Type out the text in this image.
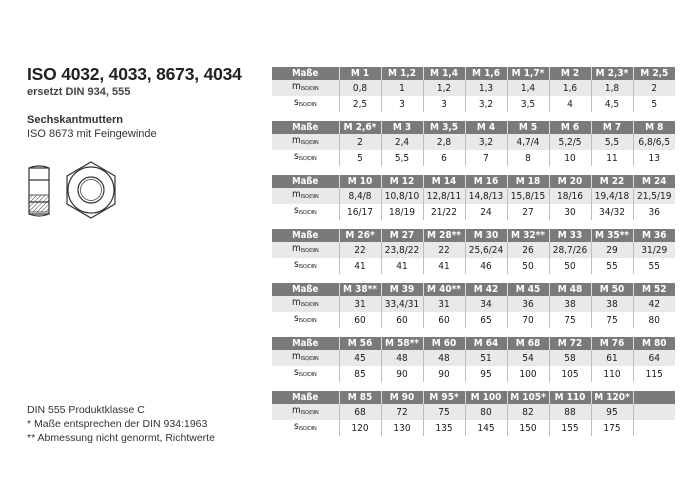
ISO 4032, 4033, 8673, 4034
ersetzt DIN 934, 555
Sechskantmuttern
ISO 8673 mit Feingewinde
DIN 555 Produktklasse C
* Maße entsprechen der DIN 934:1963
** Abmessung nicht genormt, Richtwerte
Maße	M 1	M 1,2	M 1,4	M 1,6	M 1,7*	M 2	M 2,3*	M 2,5
mISO/DIN	0,8	1	1,2	1,3	1,4	1,6	1,8	2
sISO/DIN	2,5	3	3	3,2	3,5	4	4,5	5
Maße	M 2,6*	M 3	M 3,5	M 4	M 5	M 6	M 7	M 8
mISO/DIN	2	2,4	2,8	3,2	4,7/4	5,2/5	5,5	6,8/6,5
sISO/DIN	5	5,5	6	7	8	10	11	13
Maße	M 10	M 12	M 14	M 16	M 18	M 20	M 22	M 24
mISO/DIN	8,4/8	10,8/10	12,8/11	14,8/13	15,8/15	18/16	19,4/18	21,5/19
sISO/DIN	16/17	18/19	21/22	24	27	30	34/32	36
Maße	M 26*	M 27	M 28**	M 30	M 32**	M 33	M 35**	M 36
mISO/DIN	22	23,8/22	22	25,6/24	26	28,7/26	29	31/29
sISO/DIN	41	41	41	46	50	50	55	55
Maße	M 38**	M 39	M 40**	M 42	M 45	M 48	M 50	M 52
mISO/DIN	31	33,4/31	31	34	36	38	38	42
sISO/DIN	60	60	60	65	70	75	75	80
Maße	M 56	M 58**	M 60	M 64	M 68	M 72	M 76	M 80
mISO/DIN	45	48	48	51	54	58	61	64
sISO/DIN	85	90	90	95	100	105	110	115
Maße	M 85	M 90	M 95*	M 100	M 105*	M 110	M 120*	
mISO/DIN	68	72	75	80	82	88	95	
sISO/DIN	120	130	135	145	150	155	175	
